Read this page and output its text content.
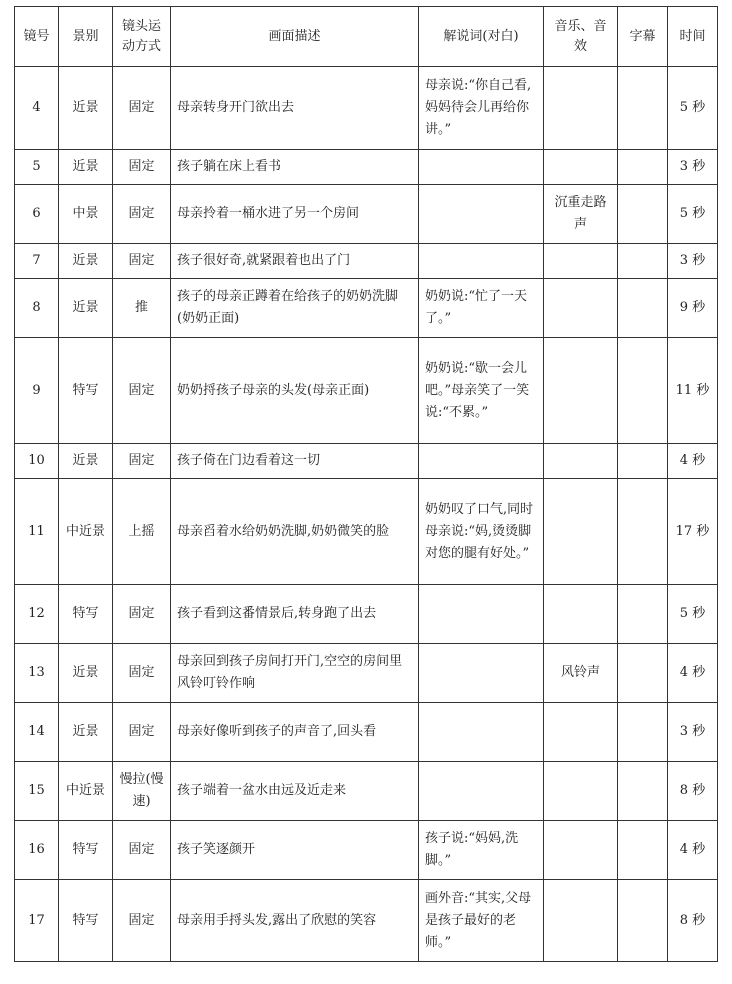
镜号	景别	镜头运动方式	画面描述	解说词(对白)	音乐、音效	字幕	时间
4	近景	固定	母亲转身开门欲出去	母亲说:“你自己看,妈妈待会儿再给你讲。”			5 秒
5	近景	固定	孩子躺在床上看书				3 秒
6	中景	固定	母亲拎着一桶水进了另一个房间		沉重走路声		5 秒
7	近景	固定	孩子很好奇,就紧跟着也出了门				3 秒
8	近景	推	孩子的母亲正蹲着在给孩子的奶奶洗脚(奶奶正面)	奶奶说:“忙了一天了。”			9 秒
9	特写	固定	奶奶捋孩子母亲的头发(母亲正面)	奶奶说:“歇一会儿吧。”母亲笑了一笑说:“不累。”			11 秒
10	近景	固定	孩子倚在门边看着这一切				4 秒
11	中近景	上摇	母亲舀着水给奶奶洗脚,奶奶微笑的脸	奶奶叹了口气,同时母亲说:“妈,烫烫脚对您的腿有好处。”			17 秒
12	特写	固定	孩子看到这番情景后,转身跑了出去				5 秒
13	近景	固定	母亲回到孩子房间打开门,空空的房间里风铃叮铃作响		风铃声		4 秒
14	近景	固定	母亲好像听到孩子的声音了,回头看				3 秒
15	中近景	慢拉(慢速)	孩子端着一盆水由远及近走来				8 秒
16	特写	固定	孩子笑逐颜开	孩子说:“妈妈,洗脚。”			4 秒
17	特写	固定	母亲用手捋头发,露出了欣慰的笑容	画外音:“其实,父母是孩子最好的老师。”			8 秒
